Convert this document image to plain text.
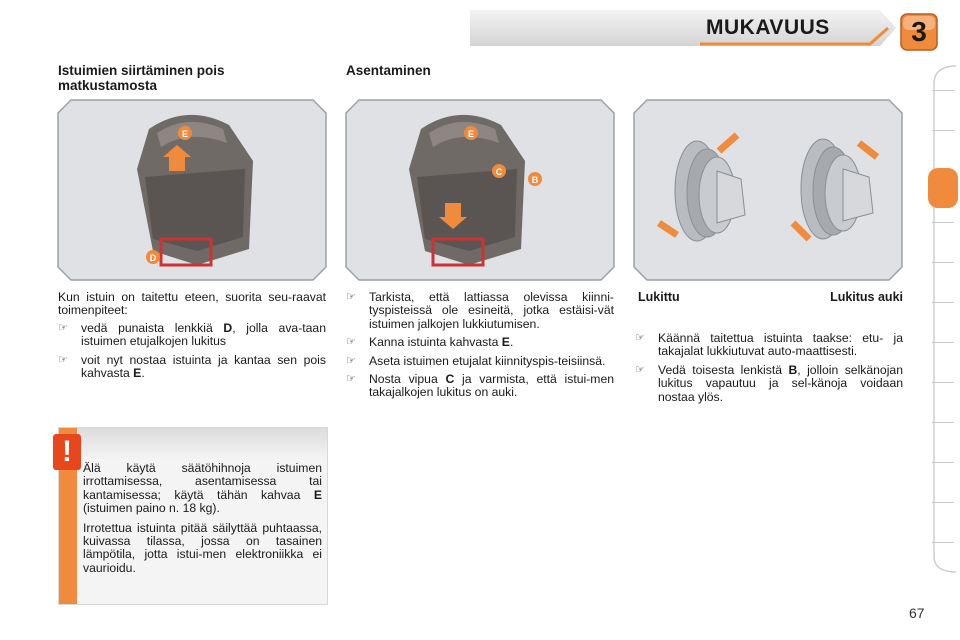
MUKAVUUS	3
Istuimien siirtäminen pois matkustamosta
Asentaminen
E
D
E
C
B
Kun istuin on taitettu eteen, suorita seu-raavat toimenpiteet:
☞ vedä punaista lenkkiä D, jolla ava-taan istuimen etujalkojen lukitus
☞ voit nyt nostaa istuinta ja kantaa sen pois kahvasta E.
☞ Tarkista, että lattiassa olevissa kiinni-tyspisteissä ole esineitä, jotka estäisi-vät istuimen jalkojen lukkiutumisen.
☞ Kanna istuinta kahvasta E.
☞ Aseta istuimen etujalat kiinnityspis-teisiinsä.
☞ Nosta vipua C ja varmista, että istui-men takajalkojen lukitus on auki.
Lukittu	Lukitus auki
☞ Käännä taitettua istuinta taakse: etu- ja takajalat lukkiutuvat auto-maattisesti.
☞ Vedä toisesta lenkistä B, jolloin selkänojan lukitus vapautuu ja sel-känoja voidaan nostaa ylös.
! Älä käytä säätöhihnoja istuimen irrottamisessa, asentamisessa tai kantamisessa; käytä tähän kahvaa E (istuimen paino n. 18 kg).

Irrotettua istuinta pitää säilyttää puhtaassa, kuivassa tilassa, jossa on tasainen lämpötila, jotta istui-men elektroniikka ei vaurioidu.

67
